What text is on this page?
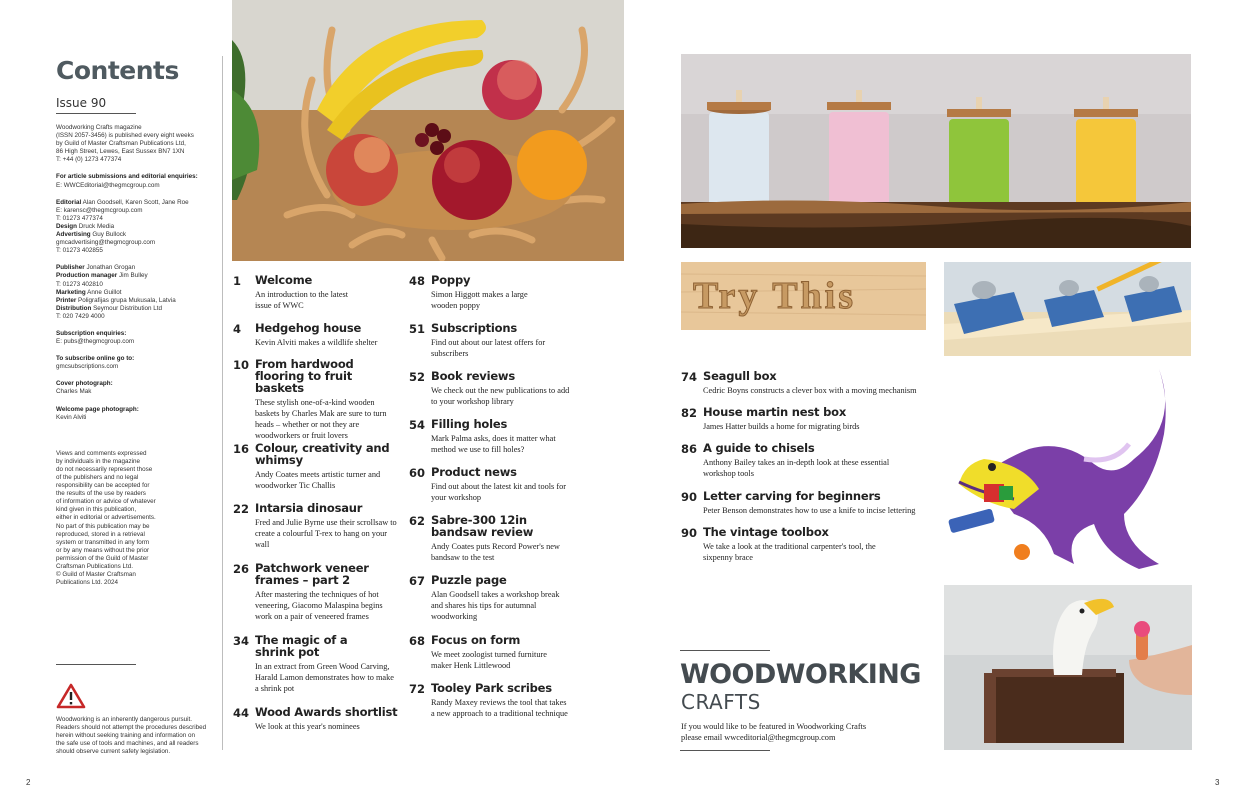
Contents
Issue 90
Woodworking Crafts magazine
(ISSN 2057-3456) is published every eight weeks
by Guild of Master Craftsman Publications Ltd,
86 High Street, Lewes, East Sussex BN7 1XN
T: +44 (0) 1273 477374
For article submissions and editorial enquiries:
E: WWCEditorial@thegmcgroup.com
Editorial Alan Goodsell, Karen Scott, Jane Roe
E: karensc@thegmcgroup.com
T: 01273 477374
Design Druck Media
Advertising Guy Bullock
gmcadvertising@thegmcgroup.com
T: 01273 402855
Publisher Jonathan Grogan
Production manager Jim Bulley
T: 01273 402810
Marketing Anne Guillot
Printer Poligrafijas grupa Mukusala, Latvia
Distribution Seymour Distribution Ltd
T: 020 7429 4000
Subscription enquiries:
E: pubs@thegmcgroup.com
To subscribe online go to:
gmcsubscriptions.com
Cover photograph:
Charles Mak
Welcome page photograph:
Kevin Alviti
Views and comments expressed
by individuals in the magazine
do not necessarily represent those
of the publishers and no legal
responsibility can be accepted for
the results of the use by readers
of information or advice of whatever
kind given in this publication,
either in editorial or advertisements.
No part of this publication may be
reproduced, stored in a retrieval
system or transmitted in any form
or by any means without the prior
permission of the Guild of Master
Craftsman Publications Ltd.
© Guild of Master Craftsman
Publications Ltd. 2024
Woodworking is an inherently dangerous pursuit.
Readers should not attempt the procedures described
herein without seeking training and information on
the safe use of tools and machines, and all readers
should observe current safety legislation.
1 Welcome
An introduction to the latest issue of WWC
4 Hedgehog house
Kevin Alviti makes a wildlife shelter
10 From hardwood flooring to fruit baskets
These stylish one-of-a-kind wooden baskets by Charles Mak are sure to turn heads – whether or not they are woodworkers or fruit lovers
16 Colour, creativity and whimsy
Andy Coates meets artistic turner and woodworker Tic Challis
22 Intarsia dinosaur
Fred and Julie Byrne use their scrollsaw to create a colourful T-rex to hang on your wall
26 Patchwork veneer frames – part 2
After mastering the techniques of hot veneering, Giacomo Malaspina begins work on a pair of veneered frames
34 The magic of a shrink pot
In an extract from Green Wood Carving, Harald Lamon demonstrates how to make a shrink pot
44 Wood Awards shortlist
We look at this year's nominees
48 Poppy
Simon Higgott makes a large wooden poppy
51 Subscriptions
Find out about our latest offers for subscribers
52 Book reviews
We check out the new publications to add to your workshop library
54 Filling holes
Mark Palma asks, does it matter what method we use to fill holes?
60 Product news
Find out about the latest kit and tools for your workshop
62 Sabre-300 12in bandsaw review
Andy Coates puts Record Power's new bandsaw to the test
67 Puzzle page
Alan Goodsell takes a workshop break and shares his tips for autumnal woodworking
68 Focus on form
We meet zoologist turned furniture maker Henk Littlewood
72 Tooley Park scribes
Randy Maxey reviews the tool that takes a new approach to a traditional technique
Try This
74 Seagull box
Cedric Boyns constructs a clever box with a moving mechanism
82 House martin nest box
James Hatter builds a home for migrating birds
86 A guide to chisels
Anthony Bailey takes an in-depth look at these essential workshop tools
90 Letter carving for beginners
Peter Benson demonstrates how to use a knife to incise lettering
90 The vintage toolbox
We take a look at the traditional carpenter's tool, the sixpenny brace
WOODWORKING
CRAFTS
If you would like to be featured in Woodworking Crafts
please email wwceditorial@thegmcgroup.com
2	3
